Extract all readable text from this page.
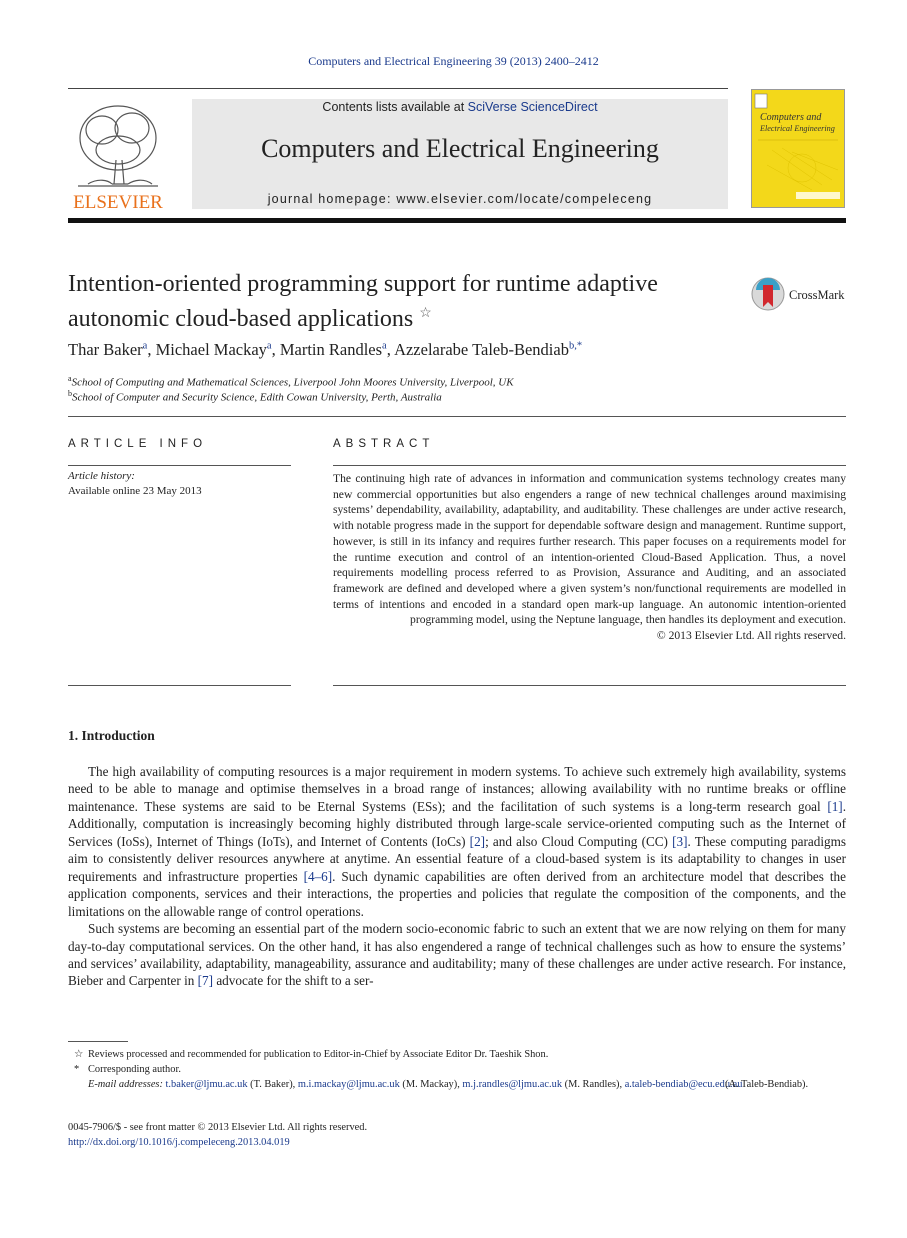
Computers and Electrical Engineering 39 (2013) 2400–2412
ELSEVIER
Contents lists available at SciVerse ScienceDirect
Computers and Electrical Engineering
journal homepage: www.elsevier.com/locate/compeleceng
Computers and
Electrical Engineering
Intention-oriented programming support for runtime adaptive
autonomic cloud-based applications ☆
CrossMark
Thar Baker$^a$, Michael Mackay$^a$, Martin Randles$^a$, Azzelarabe Taleb-Bendiab$^{b,*}$
$^a$School of Computing and Mathematical Sciences, Liverpool John Moores University, Liverpool, UK
$^b$School of Computer and Security Science, Edith Cowan University, Perth, Australia
ARTICLE INFO	ABSTRACT
Article history:
Available online 23 May 2013
The continuing high rate of advances in information and communication systems technology creates many new commercial opportunities but also engenders a range of new technical challenges around maximising systems’ dependability, availability, adaptability, and auditability. These challenges are under active research, with notable progress made in the support for dependable software design and management. Runtime support, however, is still in its infancy and requires further research. This paper focuses on a requirements model for the runtime execution and control of an intention-oriented Cloud-Based Application. Thus, a novel requirements modelling process referred to as Provision, Assurance and Auditing, and an associated framework are defined and developed where a given system’s non/functional requirements are modelled in terms of intentions and encoded in a standard open mark-up language. An autonomic intention-oriented programming model, using the Neptune language, then handles its deployment and execution.
© 2013 Elsevier Ltd. All rights reserved.
1. Introduction

The high availability of computing resources is a major requirement in modern systems. To achieve such extremely high availability, systems need to be able to manage and optimise themselves in a broad range of instances; allowing availability with no runtime breaks or offline maintenance. These systems are said to be Eternal Systems (ESs); and the facilitation of such systems is a long-term research goal [1]. Additionally, computation is increasingly becoming highly distributed through large-scale service-oriented computing such as the Internet of Services (IoSs), Internet of Things (IoTs), and Internet of Contents (IoCs) [2]; and also Cloud Computing (CC) [3]. These computing paradigms aim to consistently deliver resources anywhere at anytime. An essential feature of a cloud-based system is its adaptability to changes in user requirements and infrastructure properties [4–6]. Such dynamic capabilities are often derived from an architecture model that describes the application components, services and their interactions, the properties and policies that regulate the composition of the components, and the limitations on the allowable range of control operations.

Such systems are becoming an essential part of the modern socio-economic fabric to such an extent that we are now relying on them for many day-to-day computational services. On the other hand, it has also engendered a range of technical challenges such as how to ensure the systems’ and services’ availability, adaptability, manageability, assurance and auditability; many of these challenges are under active research. For instance, Bieber and Carpenter in [7] advocate for the shift to a ser-

☆ Reviews processed and recommended for publication to Editor-in-Chief by Associate Editor Dr. Taeshik Shon.
* Corresponding author.
E-mail addresses: t.baker@ljmu.ac.uk (T. Baker), m.i.mackay@ljmu.ac.uk (M. Mackay), m.j.randles@ljmu.ac.uk (M. Randles), a.taleb-bendiab@ecu.edu.au (A. Taleb-Bendiab).
0045-7906/$ - see front matter © 2013 Elsevier Ltd. All rights reserved.
http://dx.doi.org/10.1016/j.compeleceng.2013.04.019
